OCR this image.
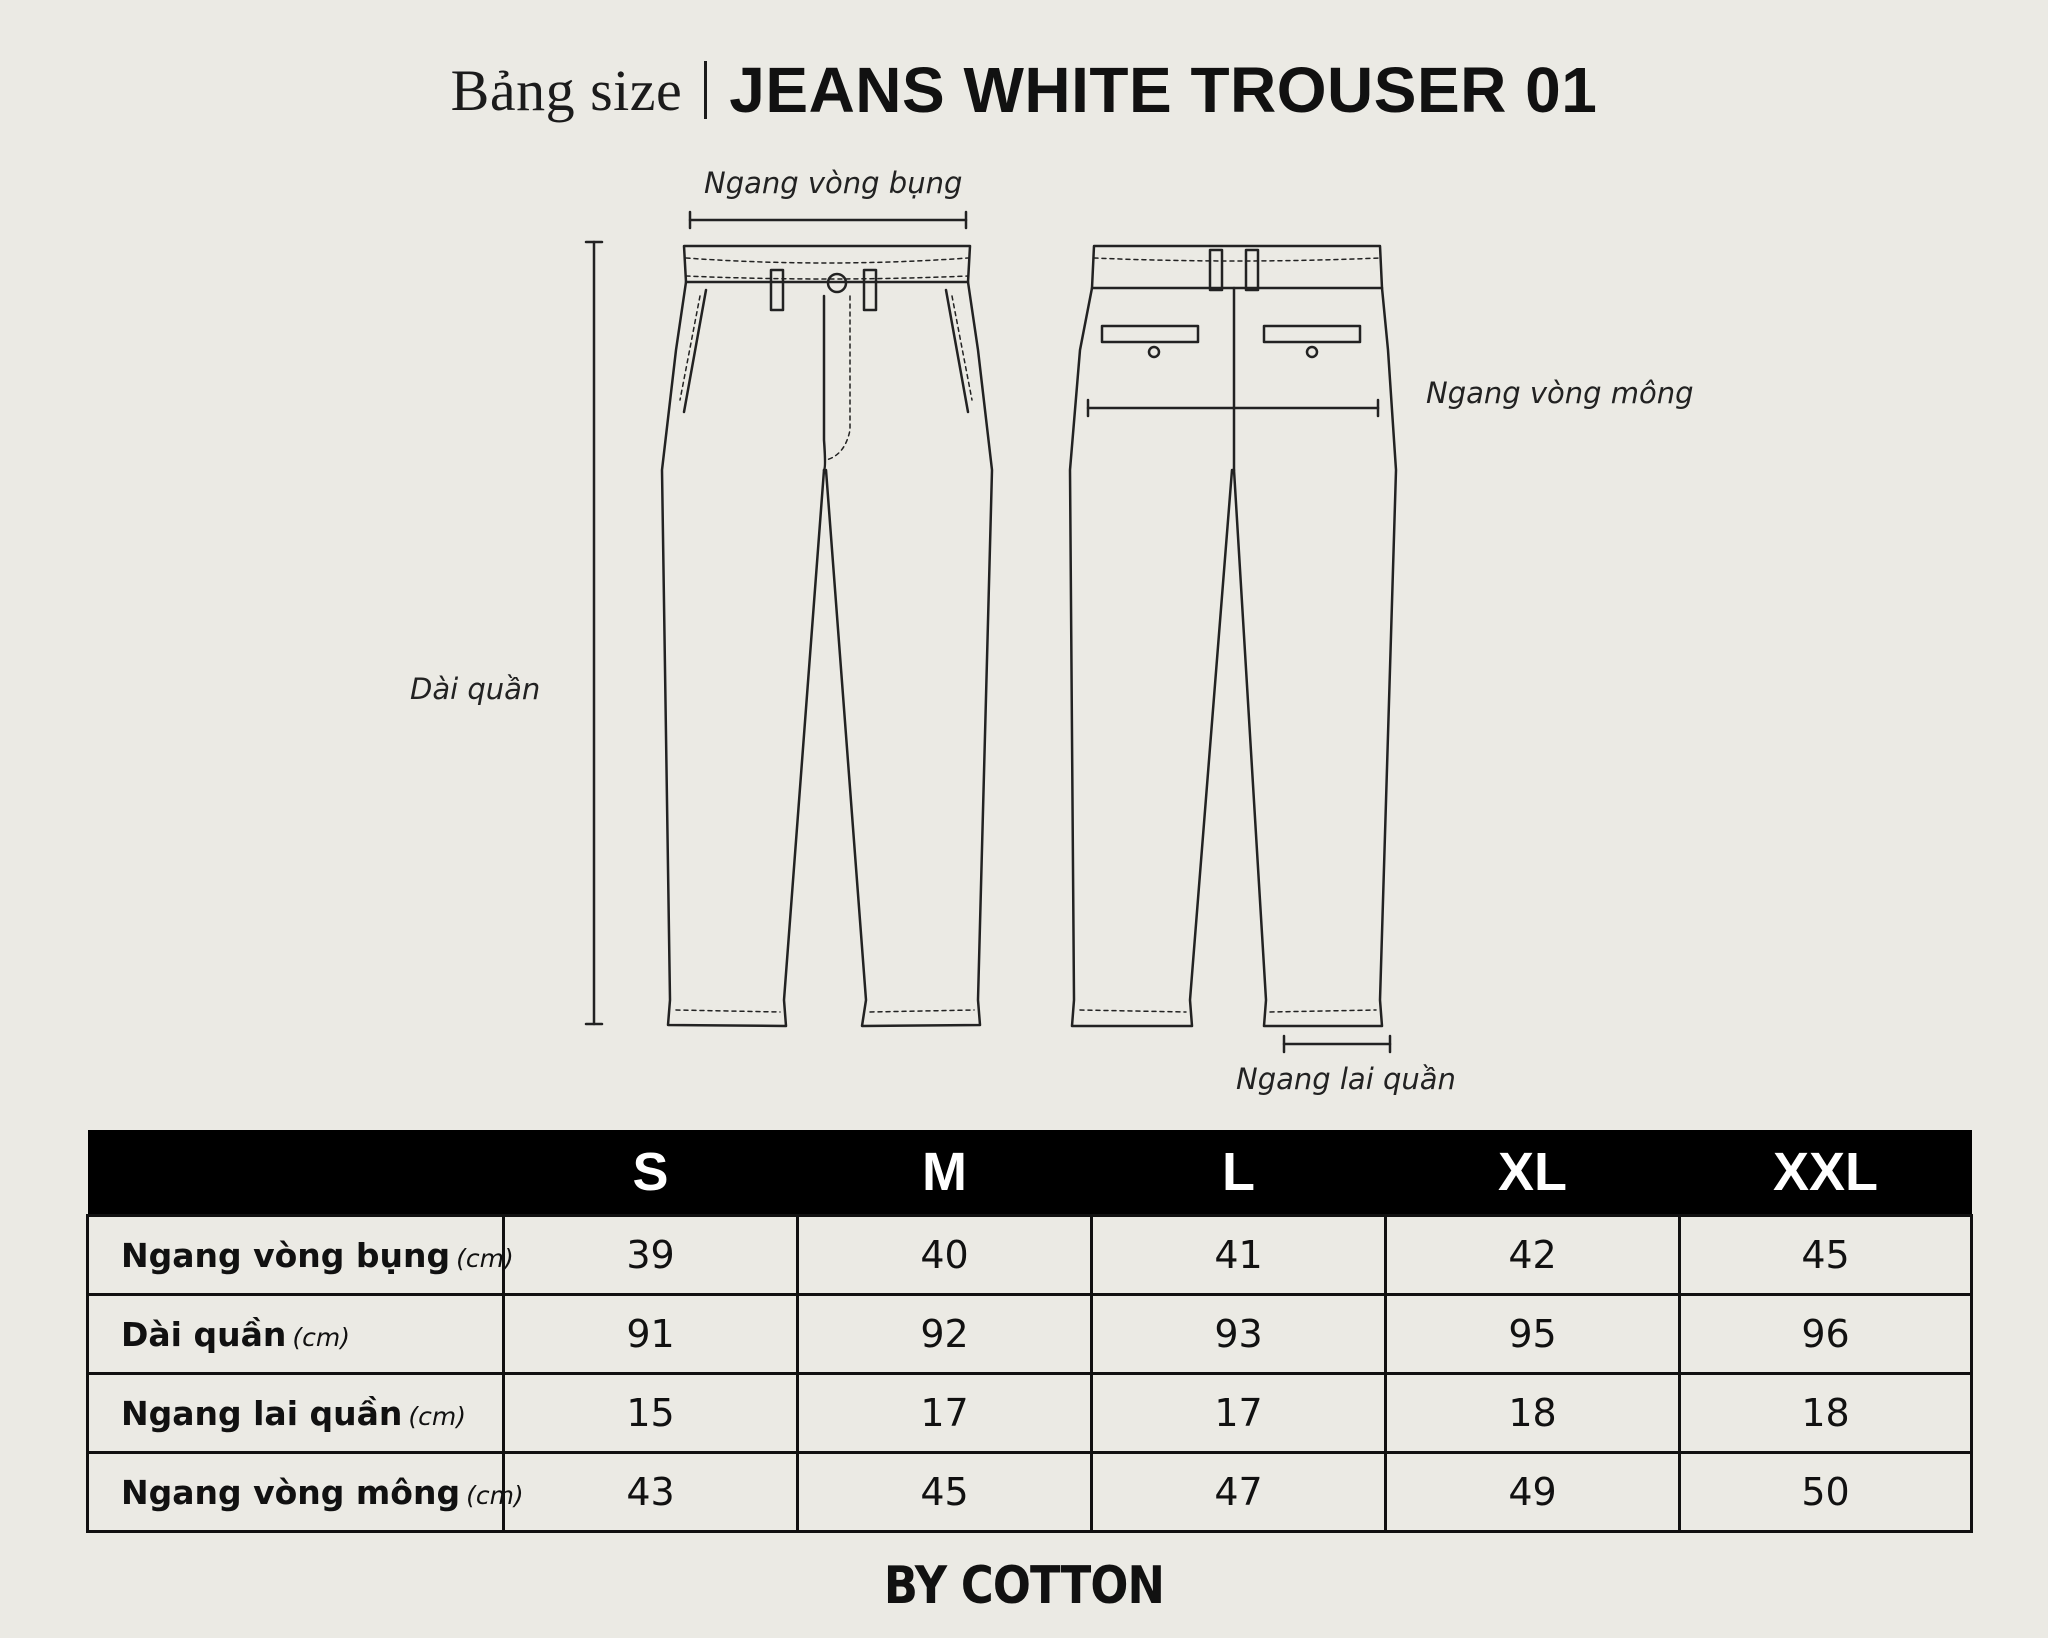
Bảng size JEANS WHITE TROUSER 01
Ngang vòng bụng
Dài quần
Ngang vòng mông
Ngang lai quần
	S	M	L	XL	XXL
Ngang vòng bụng (cm)	39	40	41	42	45
Dài quần (cm)	91	92	93	95	96
Ngang lai quần (cm)	15	17	17	18	18
Ngang vòng mông (cm)	43	45	47	49	50
BY COTTON
